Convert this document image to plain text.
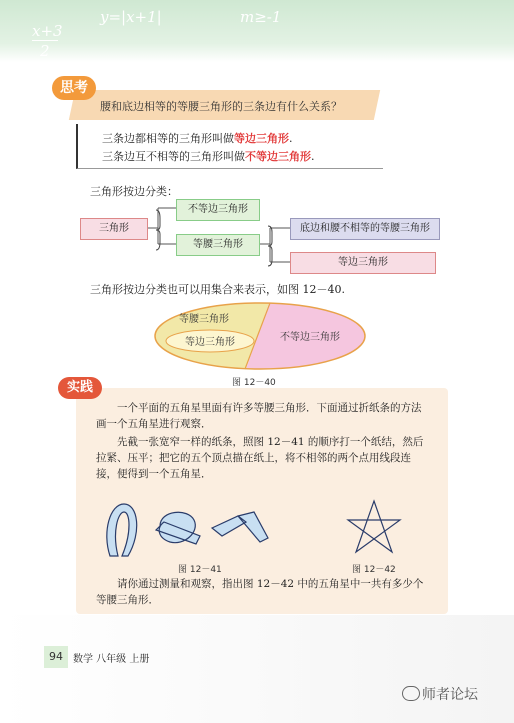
x+3
2
y=|x+1|	m≥-1
思考
腰和底边相等的等腰三角形的三条边有什么关系？
三条边都相等的三角形叫做等边三角形.
三条边互不相等的三角形叫做不等边三角形.
三角形按边分类：
三角形
不等边三角形
等腰三角形
底边和腰不相等的等腰三角形
等边三角形
三角形按边分类也可以用集合来表示，如图 12－40.
等腰三角形
等边三角形	不等边三角形
图 12－40
一个平面的五角星里面有许多等腰三角形．下面通过折纸条的方法画一个五角星进行观察．
先截一张宽窄一样的纸条，照图 12－41 的顺序打一个纸结，然后拉紧、压平；把它的五个顶点描在纸上，将不相邻的两个点用线段连接，便得到一个五角星．
图 12－41	图 12－42
请你通过测量和观察，指出图 12－42 中的五角星中一共有多少个等腰三角形．
实践
94	数学 八年级 上册
师者论坛
